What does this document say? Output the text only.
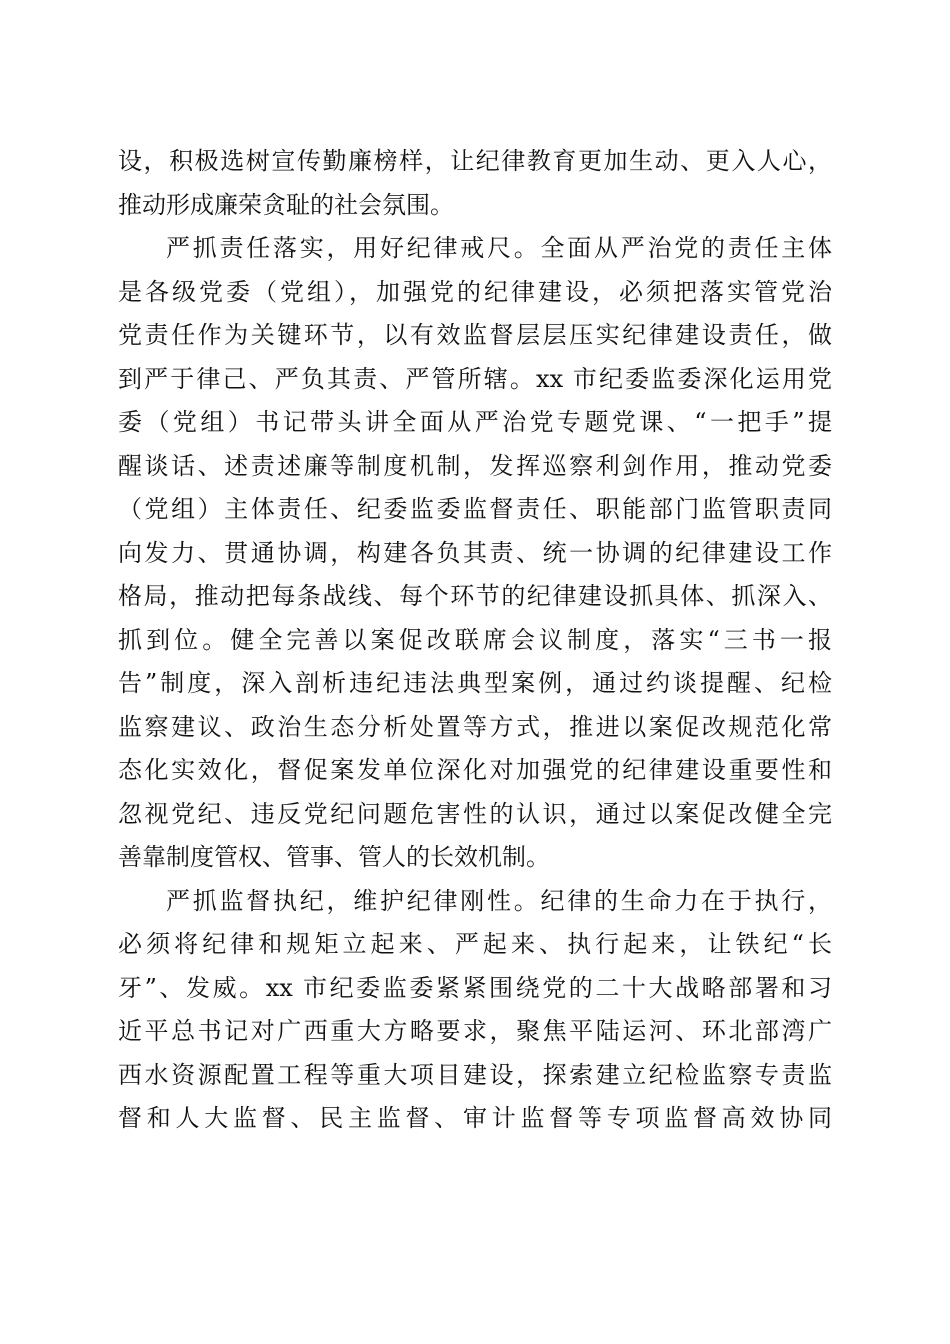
设，积极选树宣传勤廉榜样，让纪律教育更加生动、更入人心，
推动形成廉荣贪耻的社会氛围。
严抓责任落实，用好纪律戒尺。全面从严治党的责任主体
是各级党委（党组），加强党的纪律建设，必须把落实管党治
党责任作为关键环节，以有效监督层层压实纪律建设责任，做
到严于律己、严负其责、严管所辖。xx 市纪委监委深化运用党
委（党组）书记带头讲全面从严治党专题党课、“一把手”提
醒谈话、述责述廉等制度机制，发挥巡察利剑作用，推动党委
（党组）主体责任、纪委监委监督责任、职能部门监管职责同
向发力、贯通协调，构建各负其责、统一协调的纪律建设工作
格局，推动把每条战线、每个环节的纪律建设抓具体、抓深入、
抓到位。健全完善以案促改联席会议制度，落实“三书一报
告”制度，深入剖析违纪违法典型案例，通过约谈提醒、纪检
监察建议、政治生态分析处置等方式，推进以案促改规范化常
态化实效化，督促案发单位深化对加强党的纪律建设重要性和
忽视党纪、违反党纪问题危害性的认识，通过以案促改健全完
善靠制度管权、管事、管人的长效机制。
严抓监督执纪，维护纪律刚性。纪律的生命力在于执行，
必须将纪律和规矩立起来、严起来、执行起来，让铁纪“长
牙”、发威。xx 市纪委监委紧紧围绕党的二十大战略部署和习
近平总书记对广西重大方略要求，聚焦平陆运河、环北部湾广
西水资源配置工程等重大项目建设，探索建立纪检监察专责监
督和人大监督、民主监督、审计监督等专项监督高效协同
